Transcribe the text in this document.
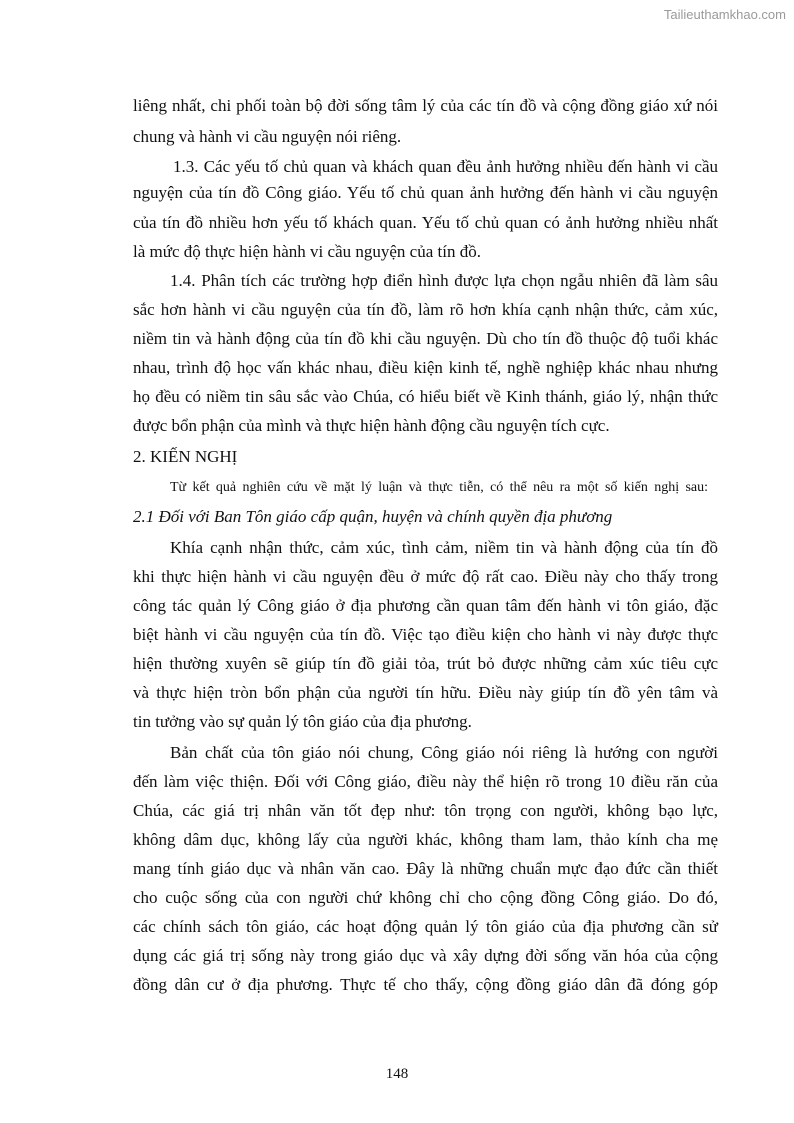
Tailieuthamkhao.com
liêng nhất, chi phối toàn bộ đời sống tâm lý của các tín đồ và cộng đồng giáo xứ nói
chung và hành vi cầu nguyện nói riêng.
1.3. Các yếu tố chủ quan và khách quan đều ảnh hưởng nhiều đến hành vi cầu
nguyện của tín đồ Công giáo. Yếu tố chủ quan ảnh hưởng đến hành vi cầu nguyện
của tín đồ nhiều hơn yếu tố khách quan. Yếu tố chủ quan có ảnh hưởng nhiều nhất
là mức độ thực hiện hành vi cầu nguyện của tín đồ.
1.4. Phân tích các trường hợp điển hình được lựa chọn ngẫu nhiên đã làm sâu
sắc hơn hành vi cầu nguyện của tín đồ, làm rõ hơn khía cạnh nhận thức, cảm xúc,
niềm tin và hành động của tín đồ khi cầu nguyện. Dù cho tín đồ thuộc độ tuổi khác
nhau, trình độ học vấn khác nhau, điều kiện kinh tế, nghề nghiệp khác nhau nhưng
họ đều có niềm tin sâu sắc vào Chúa, có hiểu biết về Kinh thánh, giáo lý, nhận thức
được bổn phận của mình và thực hiện hành động cầu nguyện tích cực.
2. KIẾN NGHỊ
Từ kết quả nghiên cứu về mặt lý luận và thực tiễn, có thể nêu ra một số kiến nghị sau:
2.1 Đối với Ban Tôn giáo cấp quận, huyện và chính quyền địa phương
Khía cạnh nhận thức, cảm xúc, tình cảm, niềm tin và hành động của tín đồ
khi thực hiện hành vi cầu nguyện đều ở mức độ rất cao. Điều này cho thấy trong
công tác quản lý Công giáo ở địa phương cần quan tâm đến hành vi tôn giáo, đặc
biệt hành vi cầu nguyện của tín đồ. Việc tạo điều kiện cho hành vi này được thực
hiện thường xuyên sẽ giúp tín đồ giải tỏa, trút bỏ được những cảm xúc tiêu cực
và thực hiện tròn bổn phận của người tín hữu. Điều này giúp tín đồ yên tâm và
tin tưởng vào sự quản lý tôn giáo của địa phương.
Bản chất của tôn giáo nói chung, Công giáo nói riêng là hướng con người
đến làm việc thiện. Đối với Công giáo, điều này thể hiện rõ trong 10 điều răn của
Chúa, các giá trị nhân văn tốt đẹp như: tôn trọng con người, không bạo lực,
không dâm dục, không lấy của người khác, không tham lam, thảo kính cha mẹ
mang tính giáo dục và nhân văn cao. Đây là những chuẩn mực đạo đức cần thiết
cho cuộc sống của con người chứ không chỉ cho cộng đồng Công giáo. Do đó,
các chính sách tôn giáo, các hoạt động quản lý tôn giáo của địa phương cần sử
dụng các giá trị sống này trong giáo dục và xây dựng đời sống văn hóa của cộng
đồng dân cư ở địa phương. Thực tế cho thấy, cộng đồng giáo dân đã đóng góp
148
